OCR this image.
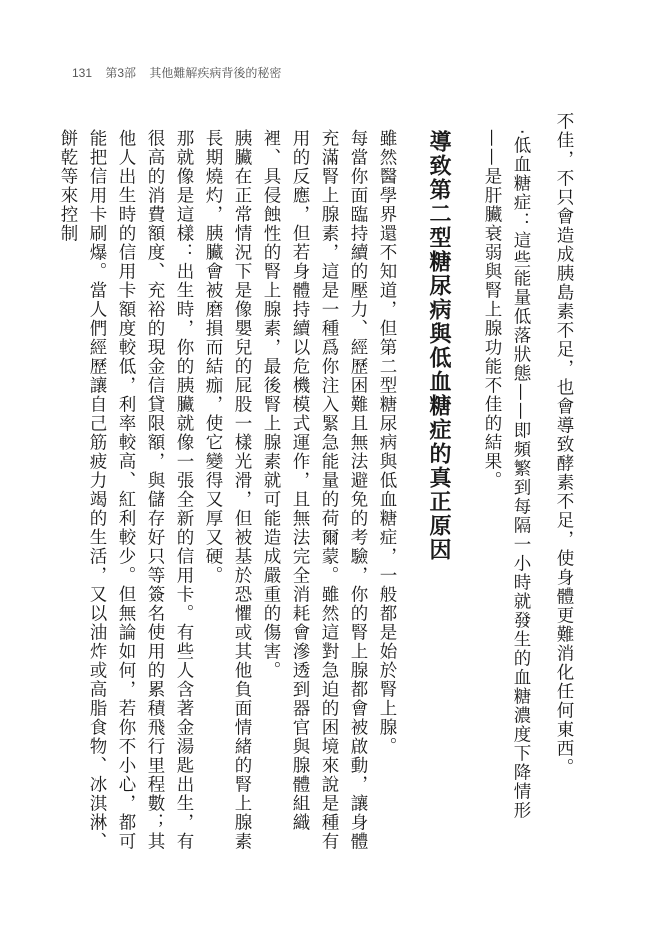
131 第3部 其他難解疾病背後的秘密

不佳，不只會造成胰島素不足，也會導致酵素不足，使身體更難消化任何東西。

‧低血糖症：這些能量低落狀態——即頻繁到每隔一小時就發生的血糖濃度下降情形——是肝臟衰弱與腎上腺功能不佳的結果。

導致第二型糖尿病與低血糖症的真正原因

雖然醫學界還不知道，但第二型糖尿病與低血糖症，一般都是始於腎上腺。

每當你面臨持續的壓力、經歷困難且無法避免的考驗，你的腎上腺都會被啟動，讓身體充滿腎上腺素，這是一種爲你注入緊急能量的荷爾蒙。雖然這對急迫的困境來說是種有用的反應，但若身體持續以危機模式運作，且無法完全消耗會滲透到器官與腺體組織裡、具侵蝕性的腎上腺素，最後腎上腺素就可能造成嚴重的傷害。

胰臟在正常情況下是像嬰兒的屁股一樣光滑，但被基於恐懼或其他負面情緒的腎上腺素長期燒灼，胰臟會被磨損而結痂，使它變得又厚又硬。

那就像是這樣：出生時，你的胰臟就像一張全新的信用卡。有些人含著金湯匙出生，有很高的消費額度、充裕的現金信貸限額，與儲存好只等簽名使用的累積飛行里程數；其他人出生時的信用卡額度較低，利率較高、紅利較少。但無論如何，若你不小心，都可能把信用卡刷爆。當人們經歷讓自己筋疲力竭的生活，又以油炸或高脂食物、冰淇淋、餅乾等來控制
